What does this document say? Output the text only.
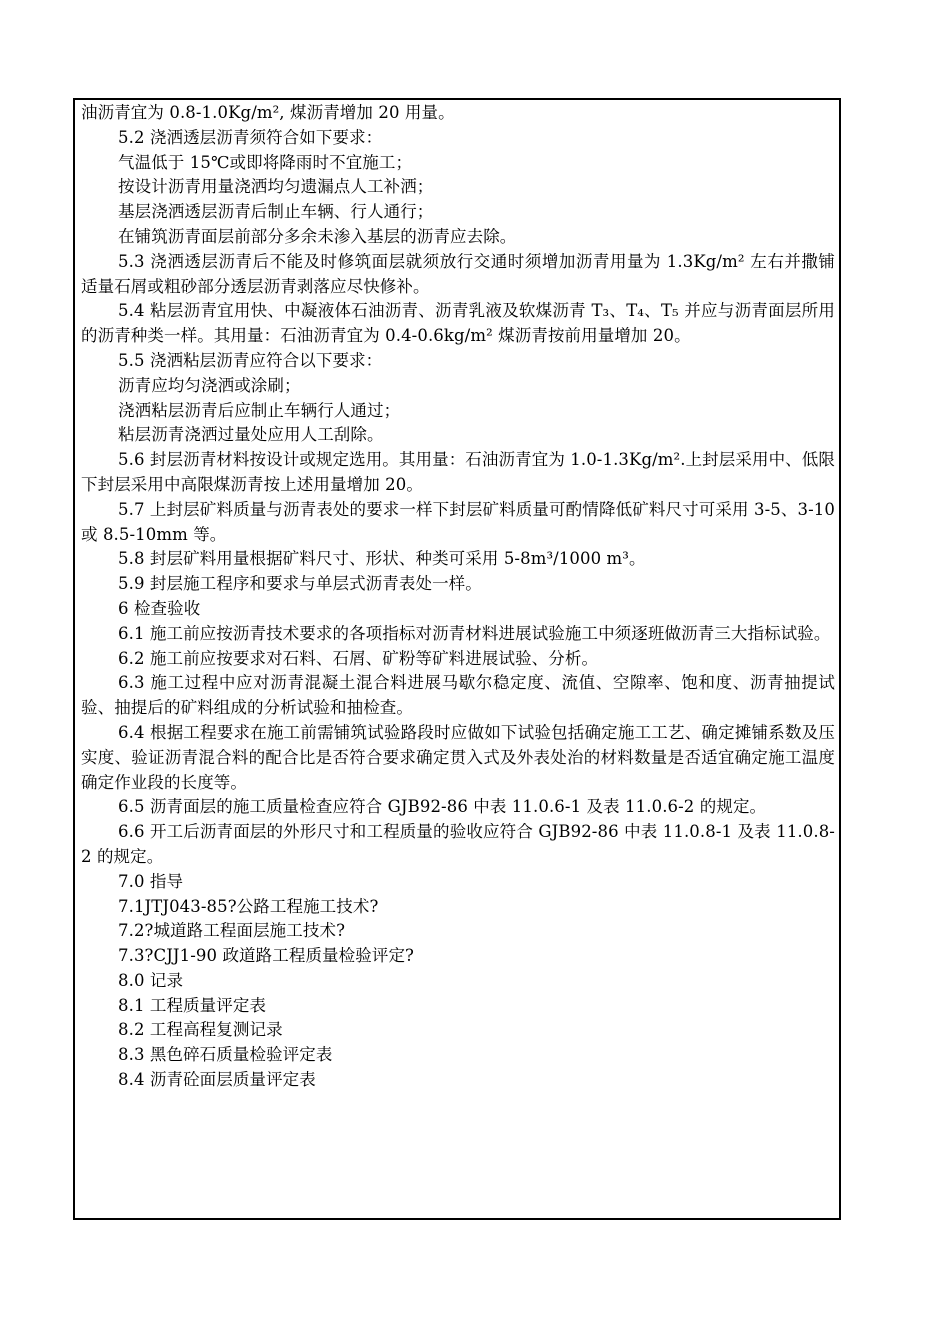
油沥青宜为 0.8-1.0Kg/m², 煤沥青增加 20 用量。

5.2 浇洒透层沥青须符合如下要求：

气温低于 15℃或即将降雨时不宜施工；

按设计沥青用量浇洒均匀遗漏点人工补洒；

基层浇洒透层沥青后制止车辆、行人通行；

在铺筑沥青面层前部分多余未渗入基层的沥青应去除。

5.3 浇洒透层沥青后不能及时修筑面层就须放行交通时须增加沥青用量为 1.3Kg/m² 左右并撒铺适量石屑或粗砂部分透层沥青剥落应尽快修补。

5.4 粘层沥青宜用快、中凝液体石油沥青、沥青乳液及软煤沥青 T₃、T₄、T₅ 并应与沥青面层所用的沥青种类一样。其用量：石油沥青宜为 0.4-0.6kg/m² 煤沥青按前用量增加 20。

5.5 浇洒粘层沥青应符合以下要求：

沥青应均匀浇洒或涂刷；

浇洒粘层沥青后应制止车辆行人通过；

粘层沥青浇洒过量处应用人工刮除。

5.6 封层沥青材料按设计或规定选用。其用量：石油沥青宜为 1.0-1.3Kg/m².上封层采用中、低限下封层采用中高限煤沥青按上述用量增加 20。

5.7 上封层矿料质量与沥青表处的要求一样下封层矿料质量可酌情降低矿料尺寸可采用 3-5、3-10 或 8.5-10mm 等。

5.8 封层矿料用量根据矿料尺寸、形状、种类可采用 5-8m³/1000 m³。

5.9 封层施工程序和要求与单层式沥青表处一样。

6 检查验收

6.1 施工前应按沥青技术要求的各项指标对沥青材料进展试验施工中须逐班做沥青三大指标试验。

6.2 施工前应按要求对石料、石屑、矿粉等矿料进展试验、分析。

6.3 施工过程中应对沥青混凝土混合料进展马歇尔稳定度、流值、空隙率、饱和度、沥青抽提试验、抽提后的矿料组成的分析试验和抽检查。

6.4 根据工程要求在施工前需铺筑试验路段时应做如下试验包括确定施工工艺、确定摊铺系数及压实度、验证沥青混合料的配合比是否符合要求确定贯入式及外表处治的材料数量是否适宜确定施工温度确定作业段的长度等。

6.5 沥青面层的施工质量检查应符合 GJB92-86 中表 11.0.6-1 及表 11.0.6-2 的规定。

6.6 开工后沥青面层的外形尺寸和工程质量的验收应符合 GJB92-86 中表 11.0.8-1 及表 11.0.8-2 的规定。

7.0 指导

7.1JTJ043-85?公路工程施工技术?

7.2?城道路工程面层施工技术?

7.3?CJJ1-90 政道路工程质量检验评定?

8.0 记录

8.1 工程质量评定表

8.2 工程高程复测记录

8.3 黑色碎石质量检验评定表

8.4 沥青砼面层质量评定表
